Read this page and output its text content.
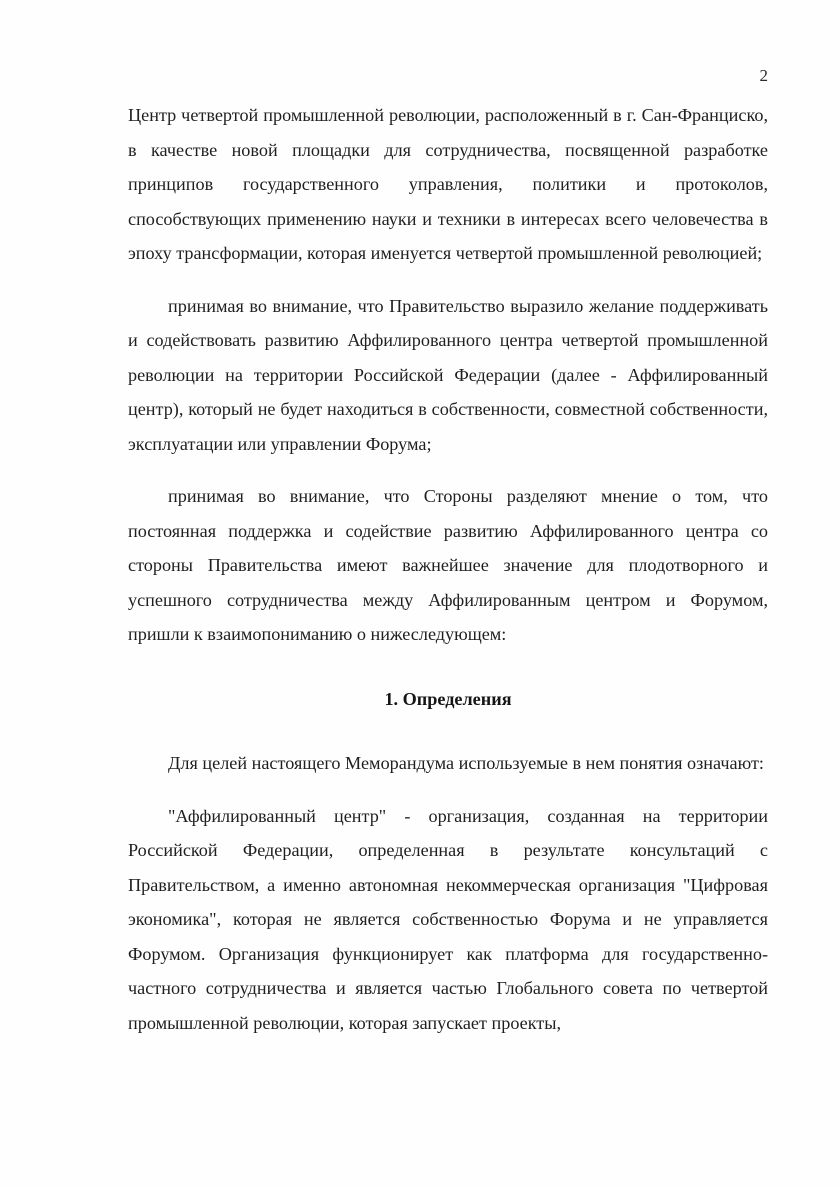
2

Центр четвертой промышленной революции, расположенный в г. Сан-Франциско, в качестве новой площадки для сотрудничества, посвященной разработке принципов государственного управления, политики и протоколов, способствующих применению науки и техники в интересах всего человечества в эпоху трансформации, которая именуется четвертой промышленной революцией;

принимая во внимание, что Правительство выразило желание поддерживать и содействовать развитию Аффилированного центра четвертой промышленной революции на территории Российской Федерации (далее - Аффилированный центр), который не будет находиться в собственности, совместной собственности, эксплуатации или управлении Форума;

принимая во внимание, что Стороны разделяют мнение о том, что постоянная поддержка и содействие развитию Аффилированного центра со стороны Правительства имеют важнейшее значение для плодотворного и успешного сотрудничества между Аффилированным центром и Форумом, пришли к взаимопониманию о нижеследующем:

1. Определения

Для целей настоящего Меморандума используемые в нем понятия означают:

"Аффилированный центр" - организация, созданная на территории Российской Федерации, определенная в результате консультаций с Правительством, а именно автономная некоммерческая организация "Цифровая экономика", которая не является собственностью Форума и не управляется Форумом. Организация функционирует как платформа для государственно-частного сотрудничества и является частью Глобального совета по четвертой промышленной революции, которая запускает проекты,
